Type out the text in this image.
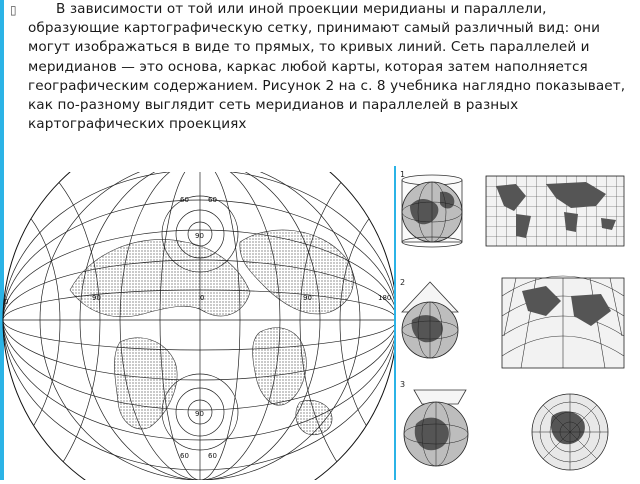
▯	В зависимости от той или иной проекции меридианы и параллели, образующие картографическую сетку, принимают самый различный вид: они могут изображаться в виде то прямых, то кривых линий. Сеть параллелей и меридианов — это основа, каркас любой карты, которая затем наполняется географическим содержанием. Рисунок 2 на с. 8 учебника наглядно показывает, как по-разному выглядит сеть меридианов и параллелей в разных картографических проекциях
60	60
90
0	90	0	90	180
90
60	60
1
2
3
